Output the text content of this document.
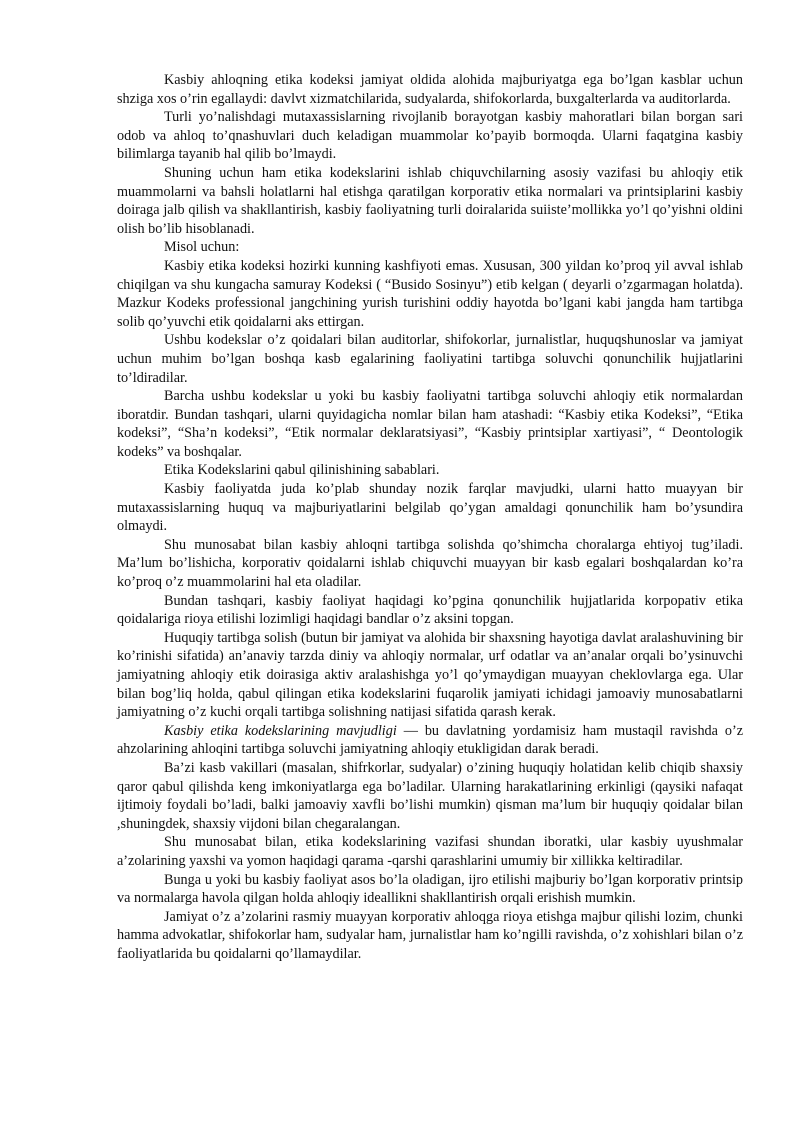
Kasbiy ahloqning etika kodeksi jamiyat oldida alohida majburiyatga ega bo’lgan kasblar uchun shziga xos o’rin egallaydi: davlvt xizmatchilarida, sudyalarda, shifokorlarda, buxgalterlarda va auditorlarda.

Turli yo’nalishdagi mutaxassislarning rivojlanib borayotgan kasbiy mahoratlari bilan borgan sari odob va ahloq to’qnashuvlari duch keladigan muammolar ko’payib bormoqda. Ularni faqatgina kasbiy bilimlarga tayanib hal qilib bo’lmaydi.

Shuning uchun ham etika kodekslarini ishlab chiquvchilarning asosiy vazifasi bu ahloqiy etik muammolarni va bahsli holatlarni hal etishga qaratilgan korporativ etika normalari va printsiplarini kasbiy doiraga jalb qilish va shakllantirish, kasbiy faoliyatning turli doiralarida suiiste’mollikka yo’l qo’yishni oldini olish bo’lib hisoblanadi.

Misol uchun:

Kasbiy etika kodeksi hozirki kunning kashfiyoti emas. Xususan, 300 yildan ko’proq yil avval ishlab chiqilgan va shu kungacha samuray Kodeksi ( “Busido Sosinyu”) etib kelgan ( deyarli o’zgarmagan holatda). Mazkur Kodeks professional jangchining yurish turishini oddiy hayotda bo’lgani kabi jangda ham tartibga solib qo’yuvchi etik qoidalarni aks ettirgan.

Ushbu kodekslar o’z qoidalari bilan auditorlar, shifokorlar, jurnalistlar, huquqshunoslar va jamiyat uchun muhim bo’lgan boshqa kasb egalarining faoliyatini tartibga soluvchi qonunchilik hujjatlarini to’ldiradilar.

Barcha ushbu kodekslar u yoki bu kasbiy faoliyatni tartibga soluvchi ahloqiy etik normalardan iboratdir. Bundan tashqari, ularni quyidagicha nomlar bilan ham atashadi: “Kasbiy etika Kodeksi”, “Etika kodeksi”, “Sha’n kodeksi”, “Etik normalar deklaratsiyasi”, “Kasbiy printsiplar xartiyasi”, “ Deontologik kodeks” va boshqalar.

Etika Kodekslarini qabul qilinishining sabablari.

Kasbiy faoliyatda juda ko’plab shunday nozik farqlar mavjudki, ularni hatto muayyan bir mutaxassislarning huquq va majburiyatlarini belgilab qo’ygan amaldagi qonunchilik ham bo’ysundira olmaydi.

Shu munosabat bilan kasbiy ahloqni tartibga solishda qo’shimcha choralarga ehtiyoj tug’iladi. Ma’lum bo’lishicha, korporativ qoidalarni ishlab chiquvchi muayyan bir kasb egalari boshqalardan ko’ra ko’proq o’z muammolarini hal eta oladilar.

Bundan tashqari, kasbiy faoliyat haqidagi ko’pgina qonunchilik hujjatlarida korpopativ etika qoidalariga rioya etilishi lozimligi haqidagi bandlar o’z aksini topgan.

Huquqiy tartibga solish (butun bir jamiyat va alohida bir shaxsning hayotiga davlat aralashuvining bir ko’rinishi sifatida) an’anaviy tarzda diniy va ahloqiy normalar, urf odatlar va an’analar orqali bo’ysinuvchi jamiyatning ahloqiy etik doirasiga aktiv aralashishga yo’l qo’ymaydigan muayyan cheklovlarga ega. Ular bilan bog’liq holda, qabul qilingan etika kodekslarini fuqarolik jamiyati ichidagi jamoaviy munosabatlarni jamiyatning o’z kuchi orqali tartibga solishning natijasi sifatida qarash kerak.

Kasbiy etika kodekslarining mavjudligi — bu davlatning yordamisiz ham mustaqil ravishda o’z ahzolarining ahloqini tartibga soluvchi jamiyatning ahloqiy etukligidan darak beradi.

Ba’zi kasb vakillari (masalan, shifrkorlar, sudyalar) o’zining huquqiy holatidan kelib chiqib shaxsiy qaror qabul qilishda keng imkoniyatlarga ega bo’ladilar. Ularning harakatlarining erkinligi (qaysiki nafaqat ijtimoiy foydali bo’ladi, balki jamoaviy xavfli bo’lishi mumkin) qisman ma’lum bir huquqiy qoidalar bilan ,shuningdek, shaxsiy vijdoni bilan chegaralangan.

Shu munosabat bilan, etika kodekslarining vazifasi shundan iboratki, ular kasbiy uyushmalar a’zolarining yaxshi va yomon haqidagi qarama -qarshi qarashlarini umumiy bir xillikka keltiradilar.

Bunga u yoki bu kasbiy faoliyat asos bo’la oladigan, ijro etilishi majburiy bo’lgan korporativ printsip va normalarga havola qilgan holda ahloqiy ideallikni shakllantirish orqali erishish mumkin.

Jamiyat o’z a’zolarini rasmiy muayyan korporativ ahloqga rioya etishga majbur qilishi lozim, chunki hamma advokatlar, shifokorlar ham, sudyalar ham, jurnalistlar ham ko’ngilli ravishda, o’z xohishlari bilan o’z faoliyatlarida bu qoidalarni qo’llamaydilar.
